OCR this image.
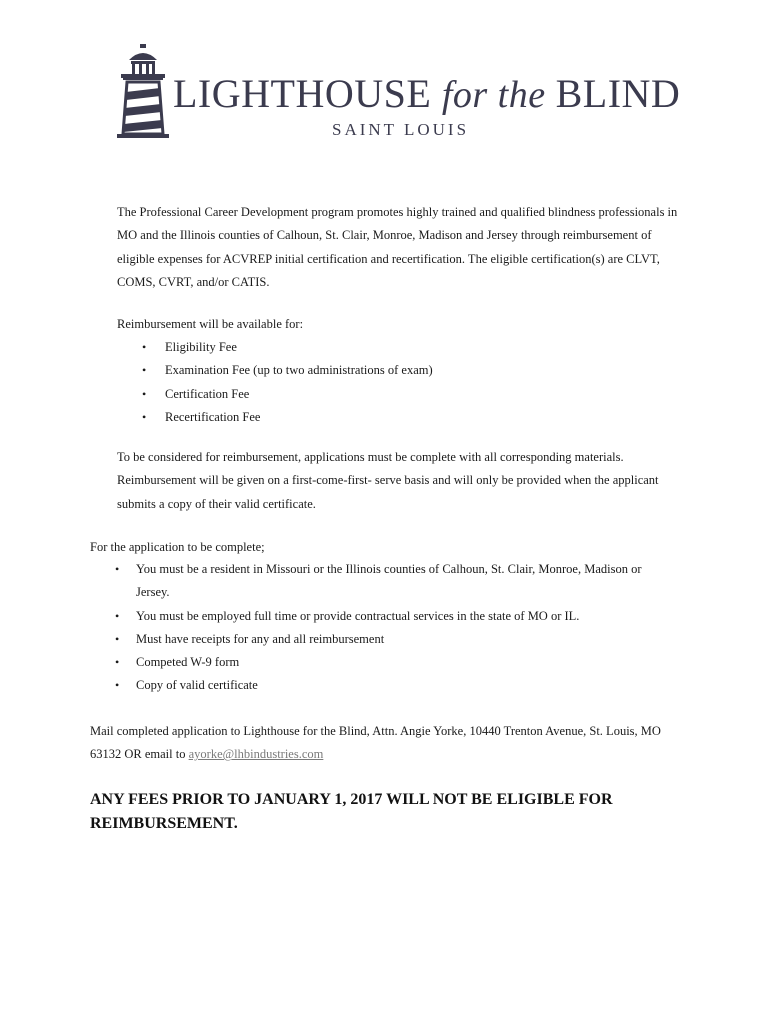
LIGHTHOUSE for the BLIND
SAINT LOUIS
The Professional Career Development program promotes highly trained and qualified blindness professionals in MO and the Illinois counties of Calhoun, St. Clair, Monroe, Madison and Jersey through reimbursement of eligible expenses for ACVREP initial certification and recertification. The eligible certification(s) are CLVT, COMS, CVRT, and/or CATIS.
Reimbursement will be available for:
• Eligibility Fee
• Examination Fee (up to two administrations of exam)
• Certification Fee
• Recertification Fee
To be considered for reimbursement, applications must be complete with all corresponding materials. Reimbursement will be given on a first-come-first- serve basis and will only be provided when the applicant submits a copy of their valid certificate.
For the application to be complete;
• You must be a resident in Missouri or the Illinois counties of Calhoun, St. Clair, Monroe, Madison or Jersey.
• You must be employed full time or provide contractual services in the state of MO or IL.
• Must have receipts for any and all reimbursement
• Competed W-9 form
• Copy of valid certificate
Mail completed application to Lighthouse for the Blind, Attn. Angie Yorke, 10440 Trenton Avenue, St. Louis, MO 63132 OR email to ayorke@lhbindustries.com
ANY FEES PRIOR TO JANUARY 1, 2017 WILL NOT BE ELIGIBLE FOR REIMBURSEMENT.
